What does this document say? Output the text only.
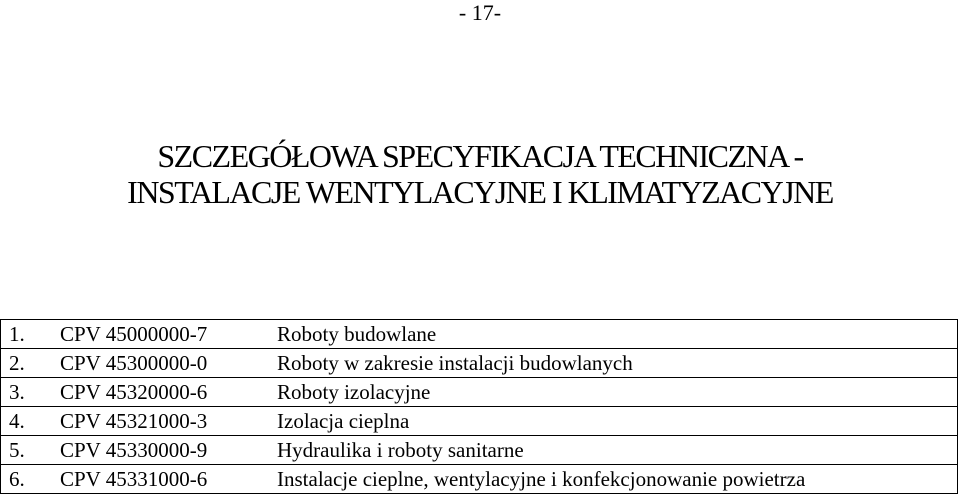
- 17-
SZCZEGÓŁOWA SPECYFIKACJA TECHNICZNA -
INSTALACJE WENTYLACYJNE I KLIMATYZACYJNE
1.	CPV 45000000-7	Roboty budowlane
2.	CPV 45300000-0	Roboty w zakresie instalacji budowlanych
3.	CPV 45320000-6	Roboty izolacyjne
4.	CPV 45321000-3	Izolacja cieplna
5.	CPV 45330000-9	Hydraulika i roboty sanitarne
6.	CPV 45331000-6	Instalacje cieplne, wentylacyjne i konfekcjonowanie powietrza
